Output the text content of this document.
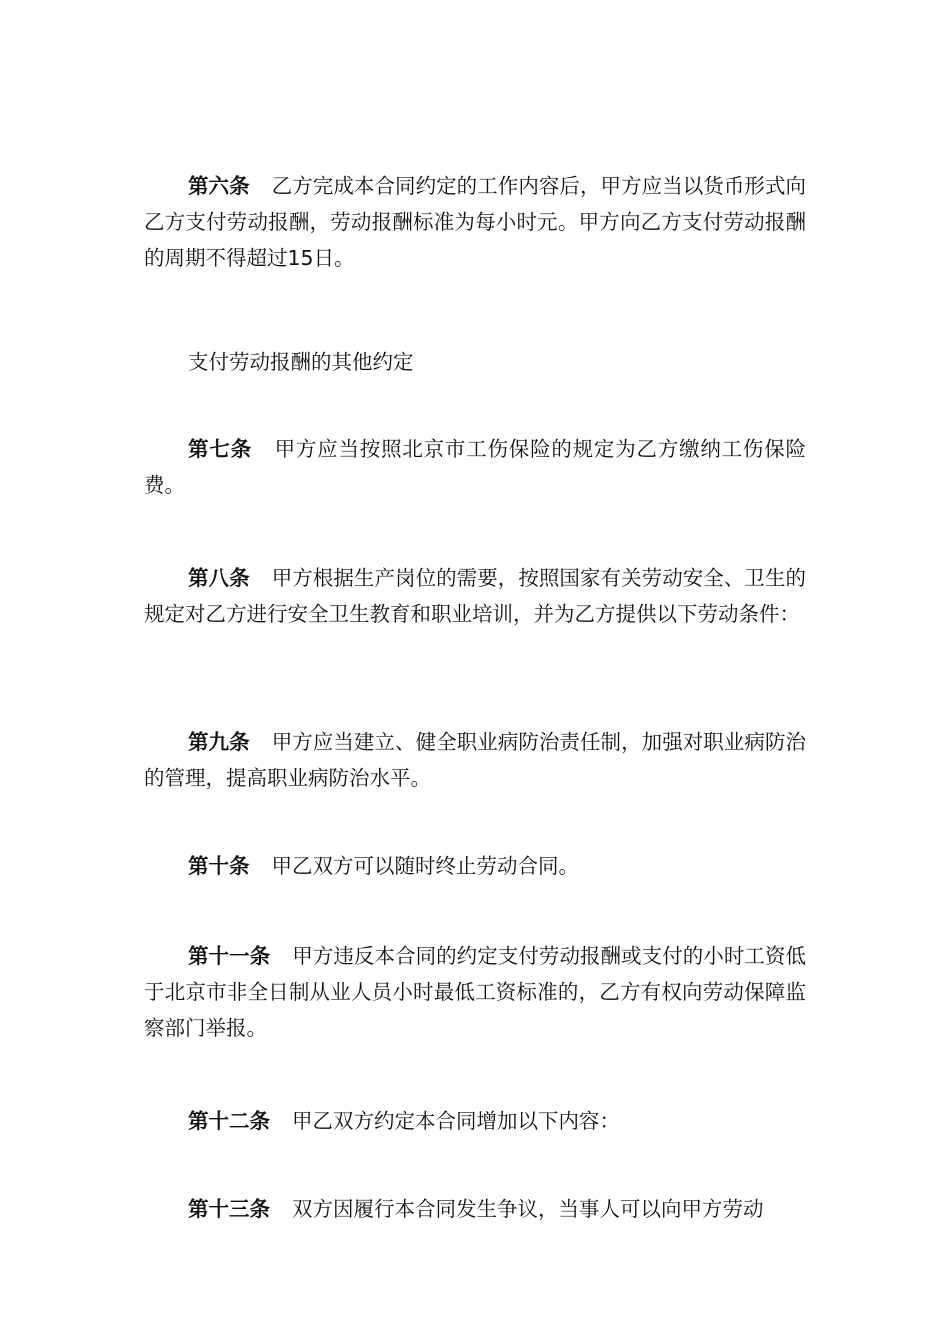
第六条 乙方完成本合同约定的工作内容后，甲方应当以货币形式向乙方支付劳动报酬，劳动报酬标准为每小时元。甲方向乙方支付劳动报酬的周期不得超过15日。

支付劳动报酬的其他约定

第七条 甲方应当按照北京市工伤保险的规定为乙方缴纳工伤保险费。

第八条 甲方根据生产岗位的需要，按照国家有关劳动安全、卫生的规定对乙方进行安全卫生教育和职业培训，并为乙方提供以下劳动条件：

第九条 甲方应当建立、健全职业病防治责任制，加强对职业病防治的管理，提高职业病防治水平。

第十条 甲乙双方可以随时终止劳动合同。

第十一条 甲方违反本合同的约定支付劳动报酬或支付的小时工资低于北京市非全日制从业人员小时最低工资标准的，乙方有权向劳动保障监察部门举报。

第十二条 甲乙双方约定本合同增加以下内容：

第十三条 双方因履行本合同发生争议，当事人可以向甲方劳动
